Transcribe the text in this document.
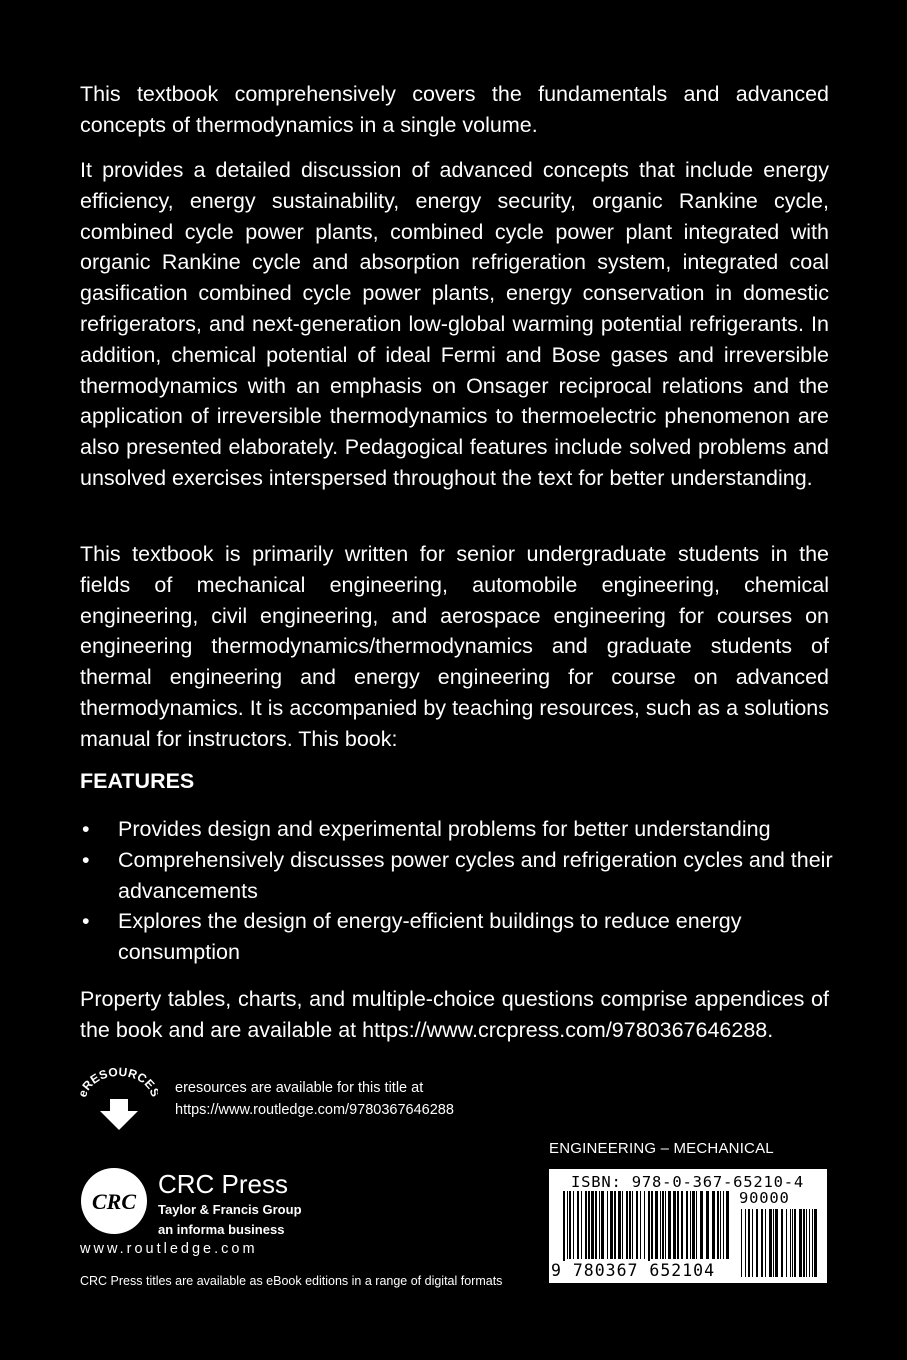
This textbook comprehensively covers the fundamentals and advanced concepts of thermodynamics in a single volume.

It provides a detailed discussion of advanced concepts that include energy efficiency, energy sustainability, energy security, organic Rankine cycle, combined cycle power plants, combined cycle power plant integrated with organic Rankine cycle and absorption refrigeration system, integrated coal gasification combined cycle power plants, energy conservation in domestic refrigerators, and next-generation low-global warming potential refrigerants. In addition, chemical potential of ideal Fermi and Bose gases and irreversible thermodynamics with an emphasis on Onsager reciprocal relations and the application of irreversible thermodynamics to thermoelectric phenomenon are also presented elaborately. Pedagogical features include solved problems and unsolved exercises interspersed throughout the text for better understanding.

This textbook is primarily written for senior undergraduate students in the fields of mechanical engineering, automobile engineering, chemical engineering, civil engineering, and aerospace engineering for courses on engineering thermodynamics/thermodynamics and graduate students of thermal engineering and energy engineering for course on advanced thermodynamics. It is accompanied by teaching resources, such as a solutions manual for instructors. This book:

FEATURES

• Provides design and experimental problems for better understanding
• Comprehensively discusses power cycles and refrigeration cycles and their advancements
• Explores the design of energy-efficient buildings to reduce energy consumption

Property tables, charts, and multiple-choice questions comprise appendices of the book and are available at https://www.crcpress.com/9780367646288.

RESOURCE	eresources are available for this title at
https://www.routledge.com/9780367646288
ENGINEERING – MECHANICAL
ISBN: 978-0-367-65210-4
90000
9 780367 652104
CRC
CRC Press
Taylor & Francis Group
an informa business
www.routledge.com
CRC Press titles are available as eBook editions in a range of digital formats
